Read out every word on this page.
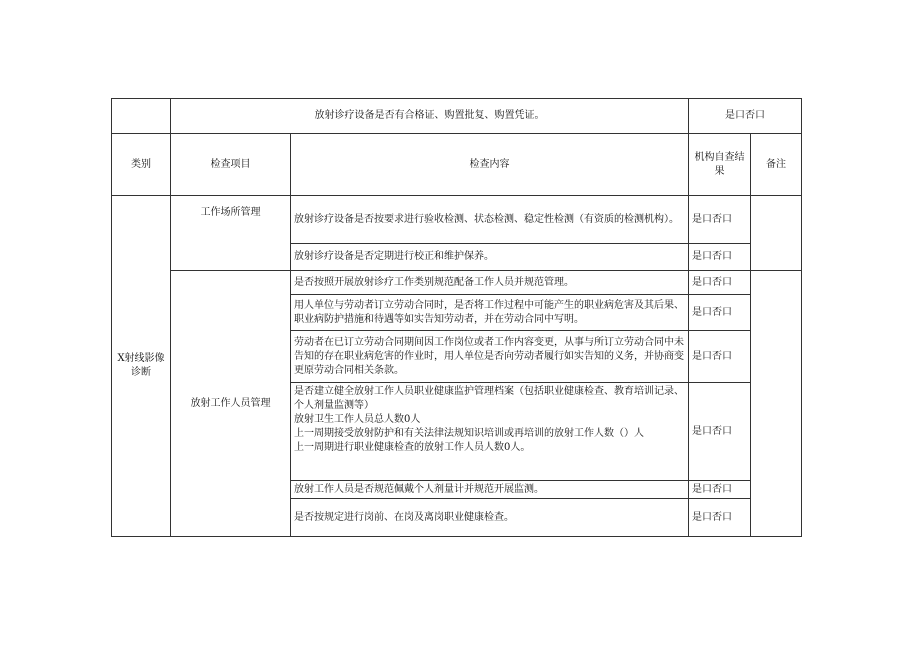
	放射诊疗设备是否有合格证、购置批复、购置凭证。		是口否口	
类别	检查项目	检查内容	机构自查结果	备注
X射线影像诊断	工作场所管理	放射诊疗设备是否按要求进行验收检测、状态检测、稳定性检测（有资质的检测机构）。	是口否口	
		放射诊疗设备是否定期进行校正和维护保养。	是口否口	
	放射工作人员管理	是否按照开展放射诊疗工作类别规范配备工作人员并规范管理。	是口否口	
		用人单位与劳动者订立劳动合同时，是否将工作过程中可能产生的职业病危害及其后果、职业病防护措施和待遇等如实告知劳动者，并在劳动合同中写明。	是口否口	
		劳动者在已订立劳动合同期间因工作岗位或者工作内容变更，从事与所订立劳动合同中未告知的存在职业病危害的作业时，用人单位是否向劳动者履行如实告知的义务，并协商变更原劳动合同相关条款。	是口否口	

		是否建立健全放射工作人员职业健康监护管理档案（包括职业健康检查、教育培训记录、个人剂量监测等）
放射卫生工作人员总人数0人
上一周期接受放射防护和有关法律法规知识培训或再培训的放射工作人数（）人
上一周期进行职业健康检查的放射工作人员人数0人。	是口否口	
		放射工作人员是否规范佩戴个人剂量计并规范开展监测。	是口否口	
		是否按规定进行岗前、在岗及离岗职业健康检查。	是口否口	
